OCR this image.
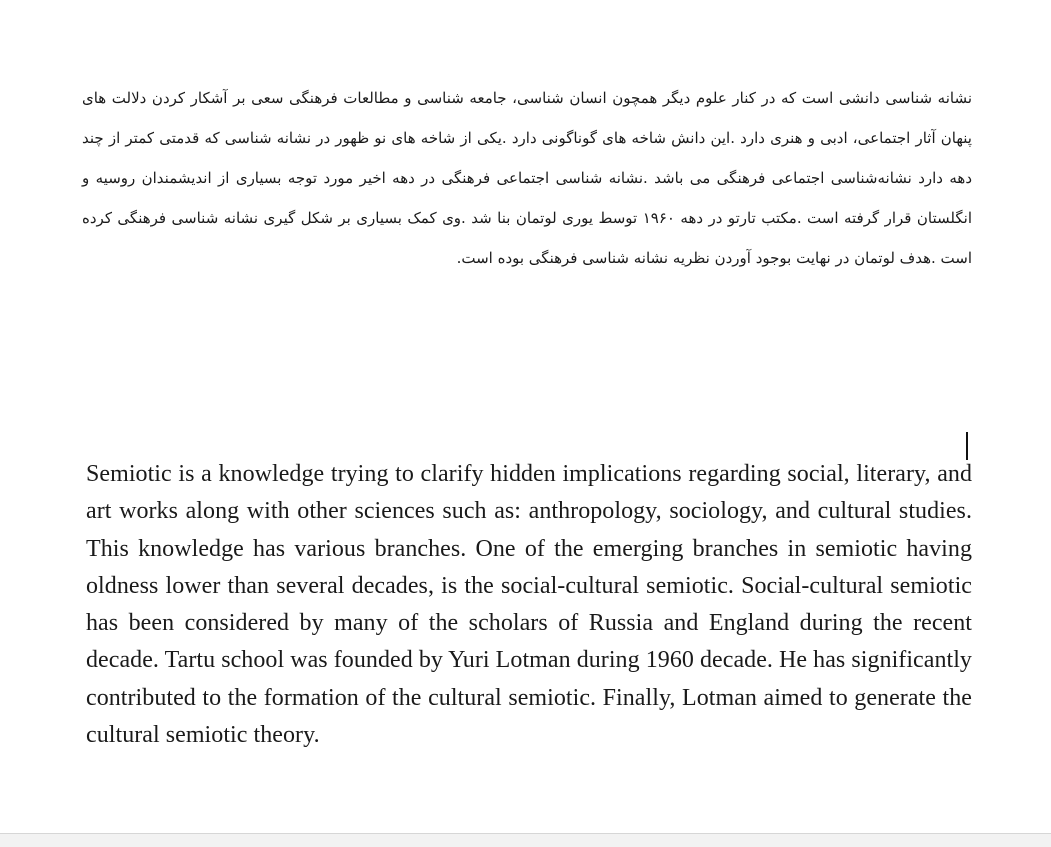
نشانه شناسی دانشی است که در کنار علوم دیگر همچون انسان شناسی، جامعه شناسی و مطالعات فرهنگی سعی بر آشکار کردن دلالت های پنهان آثار اجتماعی، ادبی و هنری دارد .این دانش شاخه های گوناگونی دارد .یکی از شاخه های نو ظهور در نشانه شناسی که قدمتی کمتر از چند دهه دارد نشانه‌شناسی اجتماعی فرهنگی می باشد .نشانه شناسی اجتماعی فرهنگی در دهه اخیر مورد توجه بسیاری از اندیشمندان روسیه و انگلستان قرار گرفته است .مکتب تارتو در دهه ۱۹۶۰ توسط یوری لوتمان بنا شد .وی کمک بسیاری بر شکل گیری نشانه شناسی فرهنگی کرده است .هدف لوتمان در نهایت بوجود آوردن نظریه نشانه شناسی فرهنگی بوده است.

Semiotic is a knowledge trying to clarify hidden implications regarding social, literary, and art works along with other sciences such as: anthropology, sociology, and cultural studies. This knowledge has various branches. One of the emerging branches in semiotic having oldness lower than several decades, is the social-cultural semiotic. Social-cultural semiotic has been considered by many of the scholars of Russia and England during the recent decade. Tartu school was founded by Yuri Lotman during 1960 decade. He has significantly contributed to the formation of the cultural semiotic. Finally, Lotman aimed to generate the cultural semiotic theory.
